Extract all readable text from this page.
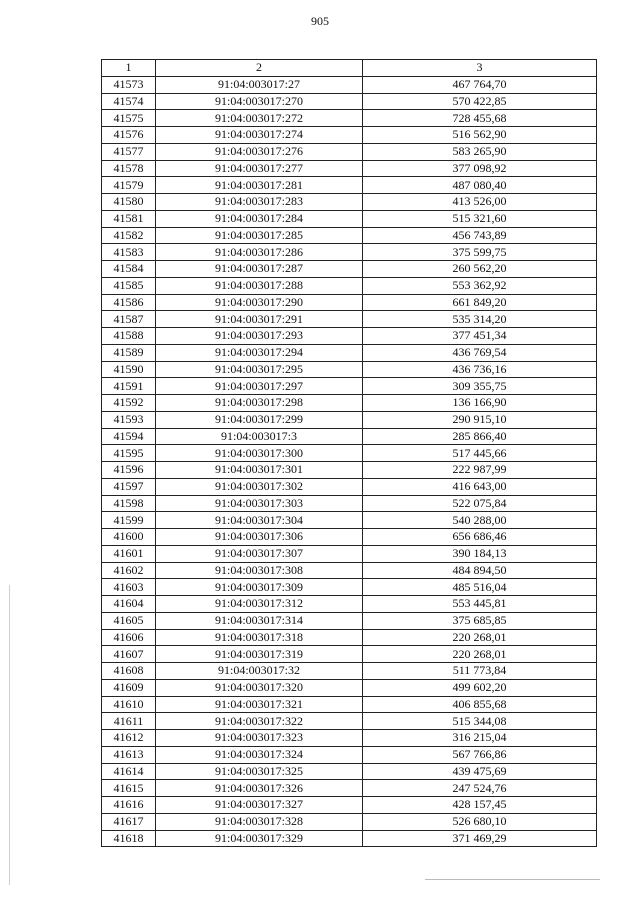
905
1	2	3
41573	91:04:003017:27	467 764,70
41574	91:04:003017:270	570 422,85
41575	91:04:003017:272	728 455,68
41576	91:04:003017:274	516 562,90
41577	91:04:003017:276	583 265,90
41578	91:04:003017:277	377 098,92
41579	91:04:003017:281	487 080,40
41580	91:04:003017:283	413 526,00
41581	91:04:003017:284	515 321,60
41582	91:04:003017:285	456 743,89
41583	91:04:003017:286	375 599,75
41584	91:04:003017:287	260 562,20
41585	91:04:003017:288	553 362,92
41586	91:04:003017:290	661 849,20
41587	91:04:003017:291	535 314,20
41588	91:04:003017:293	377 451,34
41589	91:04:003017:294	436 769,54
41590	91:04:003017:295	436 736,16
41591	91:04:003017:297	309 355,75
41592	91:04:003017:298	136 166,90
41593	91:04:003017:299	290 915,10
41594	91:04:003017:3	285 866,40
41595	91:04:003017:300	517 445,66
41596	91:04:003017:301	222 987,99
41597	91:04:003017:302	416 643,00
41598	91:04:003017:303	522 075,84
41599	91:04:003017:304	540 288,00
41600	91:04:003017:306	656 686,46
41601	91:04:003017:307	390 184,13
41602	91:04:003017:308	484 894,50
41603	91:04:003017:309	485 516,04
41604	91:04:003017:312	553 445,81
41605	91:04:003017:314	375 685,85
41606	91:04:003017:318	220 268,01
41607	91:04:003017:319	220 268,01
41608	91:04:003017:32	511 773,84
41609	91:04:003017:320	499 602,20
41610	91:04:003017:321	406 855,68
41611	91:04:003017:322	515 344,08
41612	91:04:003017:323	316 215,04
41613	91:04:003017:324	567 766,86
41614	91:04:003017:325	439 475,69
41615	91:04:003017:326	247 524,76
41616	91:04:003017:327	428 157,45
41617	91:04:003017:328	526 680,10
41618	91:04:003017:329	371 469,29
